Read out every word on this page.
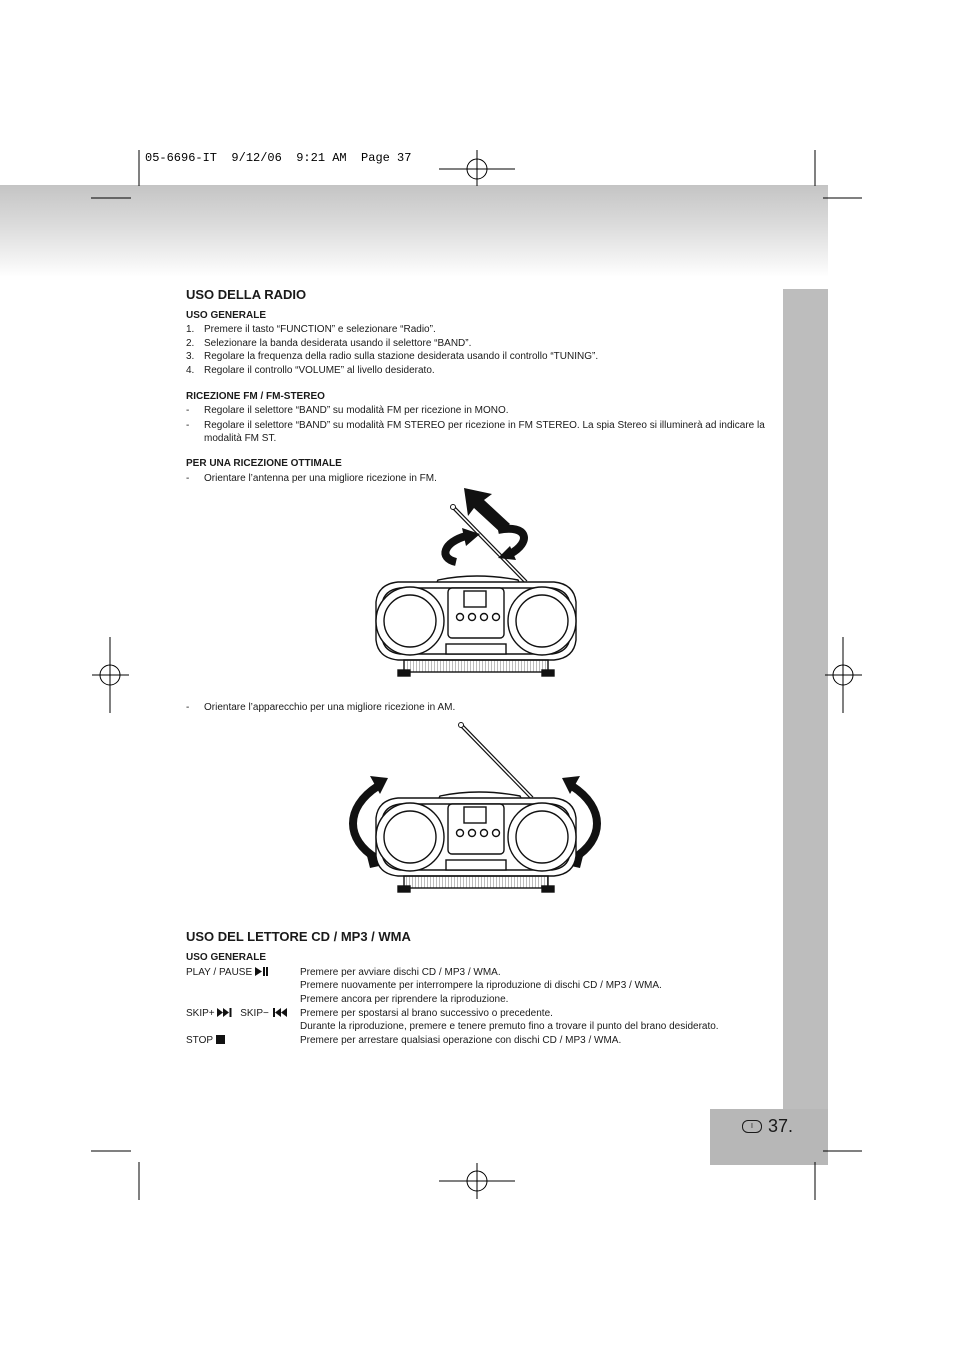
I 37.
05-6696-IT  9/12/06  9:21 AM  Page 37
USO DELLA RADIO
USO GENERALE
1. Premere il tasto “FUNCTION” e selezionare “Radio”.
2. Selezionare la banda desiderata usando il selettore “BAND”.
3. Regolare la frequenza della radio sulla stazione desiderata usando il controllo “TUNING”.
4. Regolare il controllo “VOLUME” al livello desiderato.
RICEZIONE FM / FM-STEREO
-	Regolare il selettore “BAND” su modalità FM per ricezione in MONO.
-	Regolare il selettore “BAND” su modalità FM STEREO per ricezione in FM STEREO. La spia Stereo si illuminerà ad indicare la modalità FM ST.
PER UNA RICEZIONE OTTIMALE
-	Orientare l’antenna per una migliore ricezione in FM.
-	Orientare l’apparecchio per una migliore ricezione in AM.
USO DEL LETTORE CD / MP3 / WMA
USO GENERALE
PLAY / PAUSE	Premere per avviare dischi CD / MP3 / WMA.
Premere nuovamente per interrompere la riproduzione di dischi CD / MP3 / WMA.
Premere ancora per riprendere la riproduzione.
SKIP+	SKIP−	Premere per spostarsi al brano successivo o precedente.
Durante la riproduzione, premere e tenere premuto fino a trovare il punto del brano desiderato.
STOP	Premere per arrestare qualsiasi operazione con dischi CD / MP3 / WMA.
